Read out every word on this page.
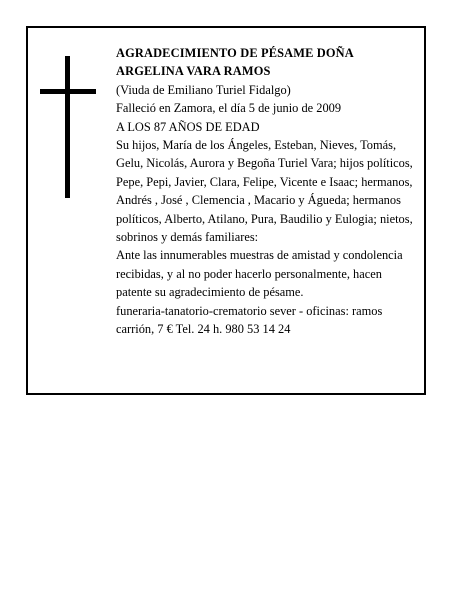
AGRADECIMIENTO DE PÉSAME DOÑA

ARGELINA VARA RAMOS

(Viuda de Emiliano Turiel Fidalgo)

Falleció en Zamora, el día 5 de junio de 2009

A LOS 87 AÑOS DE EDAD

Su hijos, María de los Ángeles, Esteban, Nieves, Tomás, Gelu, Nicolás, Aurora y Begoña Turiel Vara; hijos políticos, Pepe, Pepi, Javier, Clara, Felipe, Vicente e Isaac; hermanos, Andrés , José , Clemencia , Macario y Águeda; hermanos políticos, Alberto, Atilano, Pura, Baudilio y Eulogia; nietos, sobrinos y demás familiares:

Ante las innumerables muestras de amistad y condolencia recibidas, y al no poder hacerlo personalmente, hacen patente su agradecimiento de pésame.

funeraria-tanatorio-crematorio sever - oficinas: ramos carrión, 7 € Tel. 24 h. 980 53 14 24
